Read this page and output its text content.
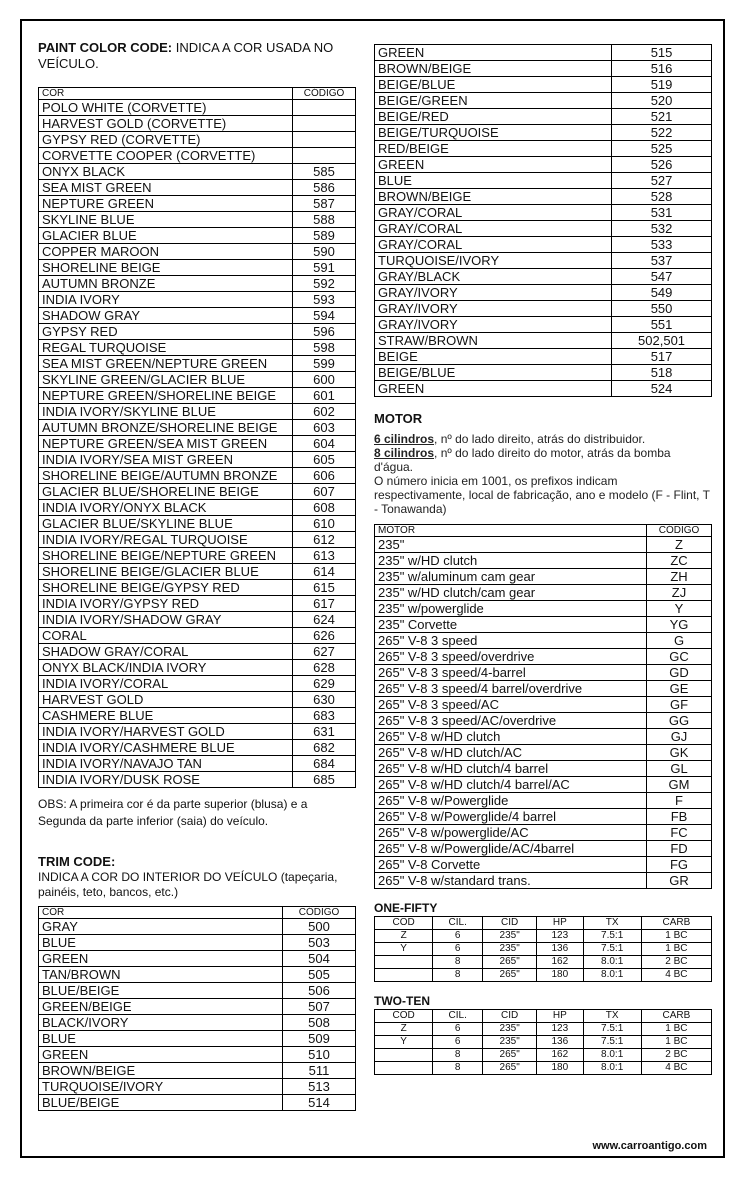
PAINT COLOR CODE: INDICA A COR USADA NO VEÍCULO.
COR	CÓDIGO
POLO WHITE (CORVETTE)	
HARVEST GOLD (CORVETTE)	
GYPSY RED (CORVETTE)	
CORVETTE COOPER (CORVETTE)	
ONYX BLACK	585
SEA MIST GREEN	586
NEPTURE GREEN	587
SKYLINE BLUE	588
GLACIER BLUE	589
COPPER MAROON	590
SHORELINE BEIGE	591
AUTUMN BRONZE	592
INDIA IVORY	593
SHADOW GRAY	594
GYPSY RED	596
REGAL TURQUOISE	598
SEA MIST GREEN/NEPTURE GREEN	599
SKYLINE GREEN/GLACIER BLUE	600
NEPTURE GREEN/SHORELINE BEIGE	601
INDIA IVORY/SKYLINE BLUE	602
AUTUMN BRONZE/SHORELINE BEIGE	603
NEPTURE GREEN/SEA MIST GREEN	604
INDIA IVORY/SEA MIST GREEN	605
SHORELINE BEIGE/AUTUMN BRONZE	606
GLACIER BLUE/SHORELINE BEIGE	607
INDIA IVORY/ONYX BLACK	608
GLACIER BLUE/SKYLINE BLUE	610
INDIA IVORY/REGAL TURQUOISE	612
SHORELINE BEIGE/NEPTURE GREEN	613
SHORELINE BEIGE/GLACIER BLUE	614
SHORELINE BEIGE/GYPSY RED	615
INDIA IVORY/GYPSY RED	617
INDIA IVORY/SHADOW GRAY	624
CORAL	626
SHADOW GRAY/CORAL	627
ONYX BLACK/INDIA IVORY	628
INDIA IVORY/CORAL	629
HARVEST GOLD	630
CASHMERE BLUE	683
INDIA IVORY/HARVEST GOLD	631
INDIA IVORY/CASHMERE BLUE	682
INDIA IVORY/NAVAJO TAN	684
INDIA IVORY/DUSK ROSE	685
OBS: A primeira cor é da parte superior (blusa) e a Segunda da parte inferior (saia) do veículo.
TRIM CODE:
INDICA A COR DO INTERIOR DO VEÍCULO (tapeçaria, painéis, teto, bancos, etc.)
COR	CÓDIGO
GRAY	500
BLUE	503
GREEN	504
TAN/BROWN	505
BLUE/BEIGE	506
GREEN/BEIGE	507
BLACK/IVORY	508
BLUE	509
GREEN	510
BROWN/BEIGE	511
TURQUOISE/IVORY	513
BLUE/BEIGE	514
GREEN	515
BROWN/BEIGE	516
BEIGE/BLUE	519
BEIGE/GREEN	520
BEIGE/RED	521
BEIGE/TURQUOISE	522
RED/BEIGE	525
GREEN	526
BLUE	527
BROWN/BEIGE	528
GRAY/CORAL	531
GRAY/CORAL	532
GRAY/CORAL	533
TURQUOISE/IVORY	537
GRAY/BLACK	547
GRAY/IVORY	549
GRAY/IVORY	550
GRAY/IVORY	551
STRAW/BROWN	502,501
BEIGE	517
BEIGE/BLUE	518
GREEN	524
MOTOR
6 cilindros, nº do lado direito, atrás do distribuidor.
8 cilindros, nº do lado direito do motor, atrás da bomba d'água.
O número inicia em 1001, os prefixos indicam respectivamente, local de fabricação, ano e modelo (F - Flint, T - Tonawanda)
MOTOR	CÓDIGO
235"	Z
235" w/HD clutch	ZC
235" w/aluminum cam gear	ZH
235" w/HD clutch/cam gear	ZJ
235" w/powerglide	Y
235" Corvette	YG
265" V-8 3 speed	G
265" V-8 3 speed/overdrive	GC
265" V-8 3 speed/4-barrel	GD
265" V-8 3 speed/4 barrel/overdrive	GE
265" V-8 3 speed/AC	GF
265" V-8 3 speed/AC/overdrive	GG
265" V-8 w/HD clutch	GJ
265" V-8 w/HD clutch/AC	GK
265" V-8 w/HD clutch/4 barrel	GL
265" V-8 w/HD clutch/4 barrel/AC	GM
265" V-8 w/Powerglide	F
265" V-8 w/Powerglide/4 barrel	FB
265" V-8 w/powerglide/AC	FC
265" V-8 w/Powerglide/AC/4barrel	FD
265" V-8 Corvette	FG
265" V-8 w/standard trans.	GR
ONE-FIFTY
COD	CIL.	CID	HP	TX	CARB
Z	6	235"	123	7.5:1	1 BC
Y	6	235"	136	7.5:1	1 BC
	8	265"	162	8.0:1	2 BC
	8	265"	180	8.0:1	4 BC
TWO-TEN
COD	CIL.	CID	HP	TX	CARB
Z	6	235"	123	7.5:1	1 BC
Y	6	235"	136	7.5:1	1 BC
	8	265"	162	8.0:1	2 BC
	8	265"	180	8.0:1	4 BC
www.carroantigo.com
